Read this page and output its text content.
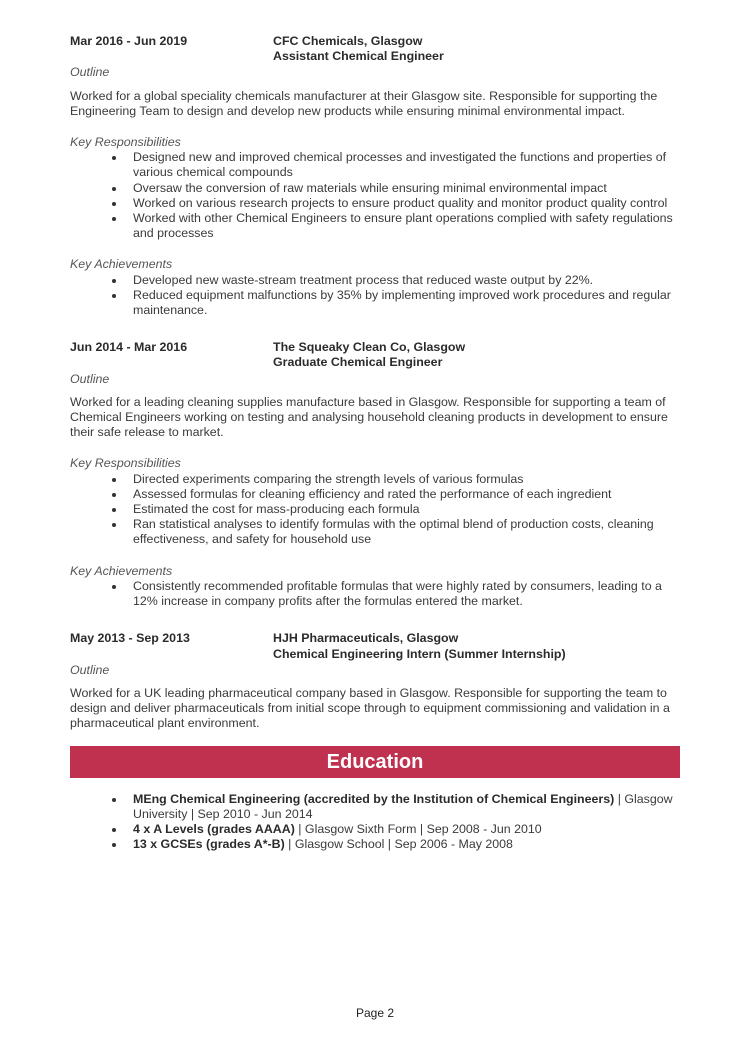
Mar 2016 - Jun 2019	CFC Chemicals, Glasgow
Assistant Chemical Engineer
Outline
Worked for a global speciality chemicals manufacturer at their Glasgow site. Responsible for supporting the Engineering Team to design and develop new products while ensuring minimal environmental impact.
Key Responsibilities
Designed new and improved chemical processes and investigated the functions and properties of various chemical compounds
Oversaw the conversion of raw materials while ensuring minimal environmental impact
Worked on various research projects to ensure product quality and monitor product quality control
Worked with other Chemical Engineers to ensure plant operations complied with safety regulations and processes
Key Achievements
Developed new waste-stream treatment process that reduced waste output by 22%.
Reduced equipment malfunctions by 35% by implementing improved work procedures and regular maintenance.
Jun 2014 - Mar 2016	The Squeaky Clean Co, Glasgow
Graduate Chemical Engineer
Outline
Worked for a leading cleaning supplies manufacture based in Glasgow. Responsible for supporting a team of Chemical Engineers working on testing and analysing household cleaning products in development to ensure their safe release to market.
Key Responsibilities
Directed experiments comparing the strength levels of various formulas
Assessed formulas for cleaning efficiency and rated the performance of each ingredient
Estimated the cost for mass-producing each formula
Ran statistical analyses to identify formulas with the optimal blend of production costs, cleaning effectiveness, and safety for household use
Key Achievements
Consistently recommended profitable formulas that were highly rated by consumers, leading to a 12% increase in company profits after the formulas entered the market.
May 2013 - Sep 2013	HJH Pharmaceuticals, Glasgow
Chemical Engineering Intern (Summer Internship)
Outline
Worked for a UK leading pharmaceutical company based in Glasgow. Responsible for supporting the team to design and deliver pharmaceuticals from initial scope through to equipment commissioning and validation in a pharmaceutical plant environment.
Education
MEng Chemical Engineering (accredited by the Institution of Chemical Engineers) | Glasgow University | Sep 2010 - Jun 2014
4 x A Levels (grades AAAA) | Glasgow Sixth Form | Sep 2008 - Jun 2010
13 x GCSEs (grades A*-B) | Glasgow School | Sep 2006 - May 2008
Page 2
